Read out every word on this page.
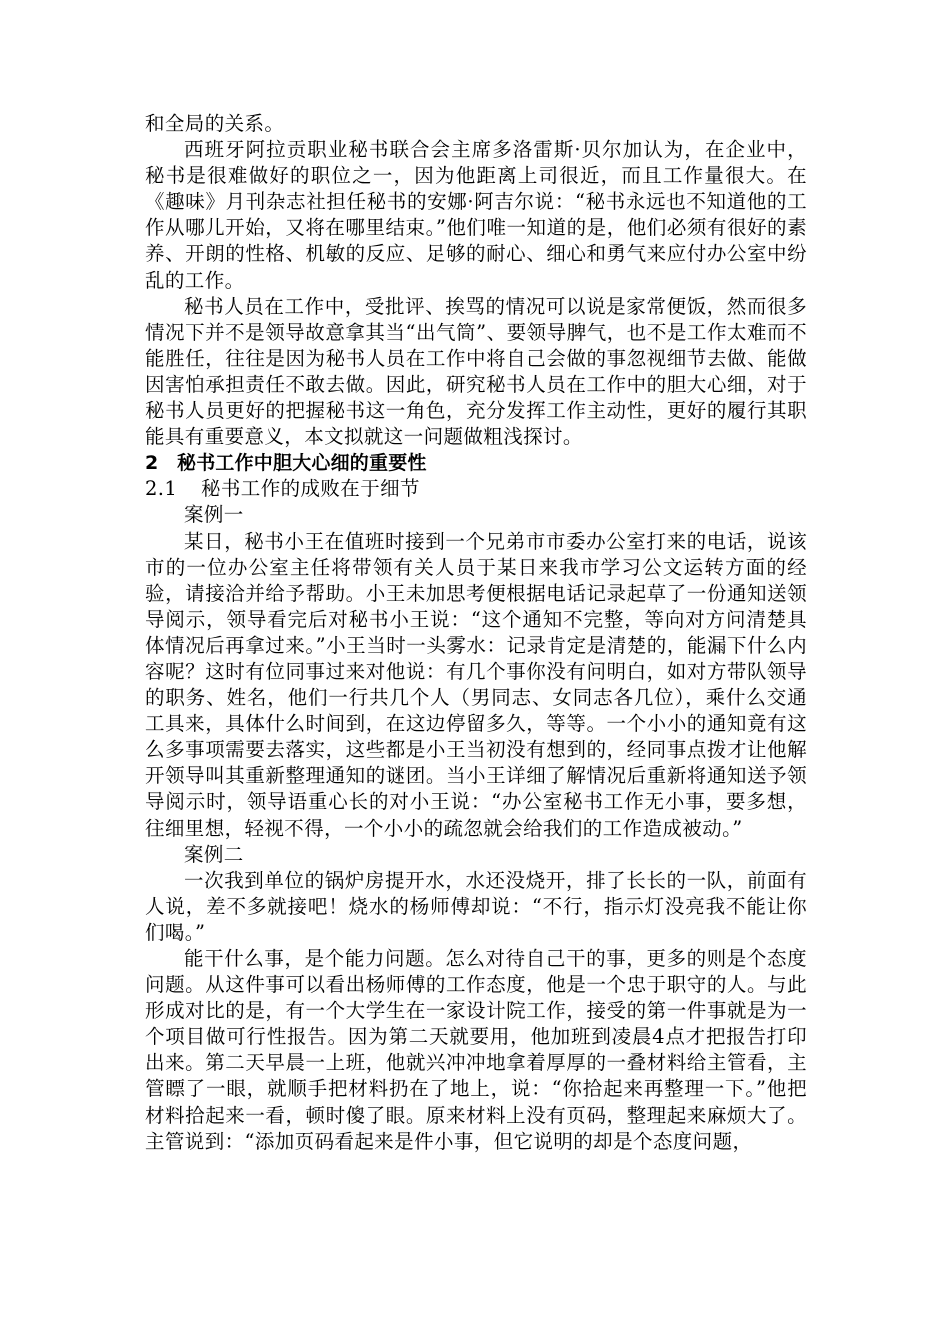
和全局的关系。

西班牙阿拉贡职业秘书联合会主席多洛雷斯·贝尔加认为，在企业中，秘书是很难做好的职位之一，因为他距离上司很近，而且工作量很大。在《趣味》月刊杂志社担任秘书的安娜·阿吉尔说：“秘书永远也不知道他的工作从哪儿开始，又将在哪里结束。”他们唯一知道的是，他们必须有很好的素养、开朗的性格、机敏的反应、足够的耐心、细心和勇气来应付办公室中纷乱的工作。

秘书人员在工作中，受批评、挨骂的情况可以说是家常便饭，然而很多情况下并不是领导故意拿其当“出气筒”、要领导脾气，也不是工作太难而不能胜任，往往是因为秘书人员在工作中将自己会做的事忽视细节去做、能做因害怕承担责任不敢去做。因此，研究秘书人员在工作中的胆大心细，对于秘书人员更好的把握秘书这一角色，充分发挥工作主动性，更好的履行其职能具有重要意义，本文拟就这一问题做粗浅探讨。

2 秘书工作中胆大心细的重要性

2.1 秘书工作的成败在于细节

案例一

某日，秘书小王在值班时接到一个兄弟市市委办公室打来的电话，说该市的一位办公室主任将带领有关人员于某日来我市学习公文运转方面的经验，请接洽并给予帮助。小王未加思考便根据电话记录起草了一份通知送领导阅示，领导看完后对秘书小王说：“这个通知不完整，等向对方问清楚具体情况后再拿过来。”小王当时一头雾水：记录肯定是清楚的，能漏下什么内容呢？这时有位同事过来对他说：有几个事你没有问明白，如对方带队领导的职务、姓名，他们一行共几个人（男同志、女同志各几位），乘什么交通工具来，具体什么时间到，在这边停留多久，等等。一个小小的通知竟有这么多事项需要去落实，这些都是小王当初没有想到的，经同事点拨才让他解开领导叫其重新整理通知的谜团。当小王详细了解情况后重新将通知送予领导阅示时，领导语重心长的对小王说：“办公室秘书工作无小事，要多想，往细里想，轻视不得，一个小小的疏忽就会给我们的工作造成被动。”

案例二

一次我到单位的锅炉房提开水，水还没烧开，排了长长的一队，前面有人说，差不多就接吧！烧水的杨师傅却说：“不行，指示灯没亮我不能让你们喝。”

能干什么事，是个能力问题。怎么对待自己干的事，更多的则是个态度问题。从这件事可以看出杨师傅的工作态度，他是一个忠于职守的人。与此形成对比的是，有一个大学生在一家设计院工作，接受的第一件事就是为一个项目做可行性报告。因为第二天就要用，他加班到凌晨4点才把报告打印出来。第二天早晨一上班，他就兴冲冲地拿着厚厚的一叠材料给主管看，主管瞟了一眼，就顺手把材料扔在了地上，说：“你拾起来再整理一下。”他把材料拾起来一看，顿时傻了眼。原来材料上没有页码，整理起来麻烦大了。主管说到：“添加页码看起来是件小事，但它说明的却是个态度问题，
